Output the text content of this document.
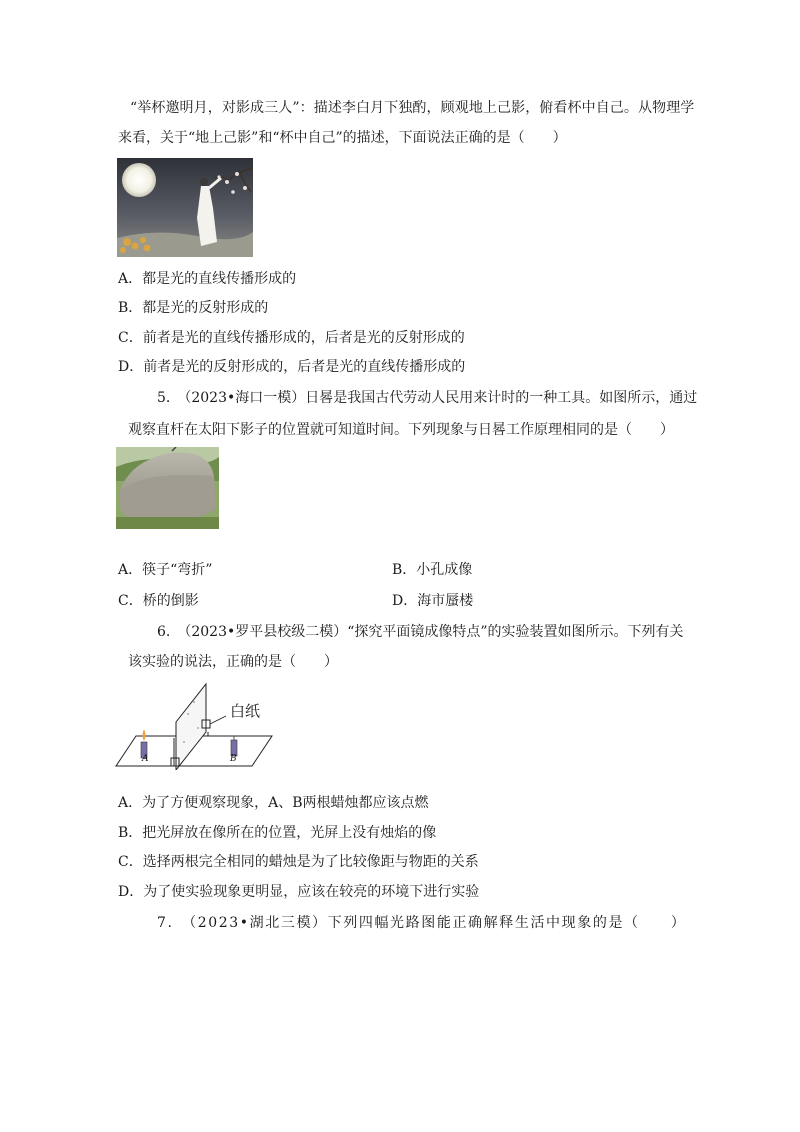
“举杯邀明月，对影成三人”：描述李白月下独酌，顾观地上己影，俯看杯中自己。从物理学
来看，关于“地上己影”和“杯中自己”的描述，下面说法正确的是（　　）
A．都是光的直线传播形成的
B．都是光的反射形成的
C．前者是光的直线传播形成的，后者是光的反射形成的
D．前者是光的反射形成的，后者是光的直线传播形成的
5.　（2023•海口一模）日晷是我国古代劳动人民用来计时的一种工具。如图所示，通过
观察直杆在太阳下影子的位置就可知道时间。下列现象与日晷工作原理相同的是（　　）
A．筷子“弯折”	B．小孔成像
C．桥的倒影	D．海市蜃楼
6.　（2023•罗平县校级二模）“探究平面镜成像特点”的实验装置如图所示。下列有关
该实验的说法，正确的是（　　）
白纸
A	B
A．为了方便观察现象，A、B两根蜡烛都应该点燃
B．把光屏放在像所在的位置，光屏上没有烛焰的像
C．选择两根完全相同的蜡烛是为了比较像距与物距的关系
D．为了使实验现象更明显，应该在较亮的环境下进行实验
7.　（2023•湖北三模）下列四幅光路图能正确解释生活中现象的是（　　）
